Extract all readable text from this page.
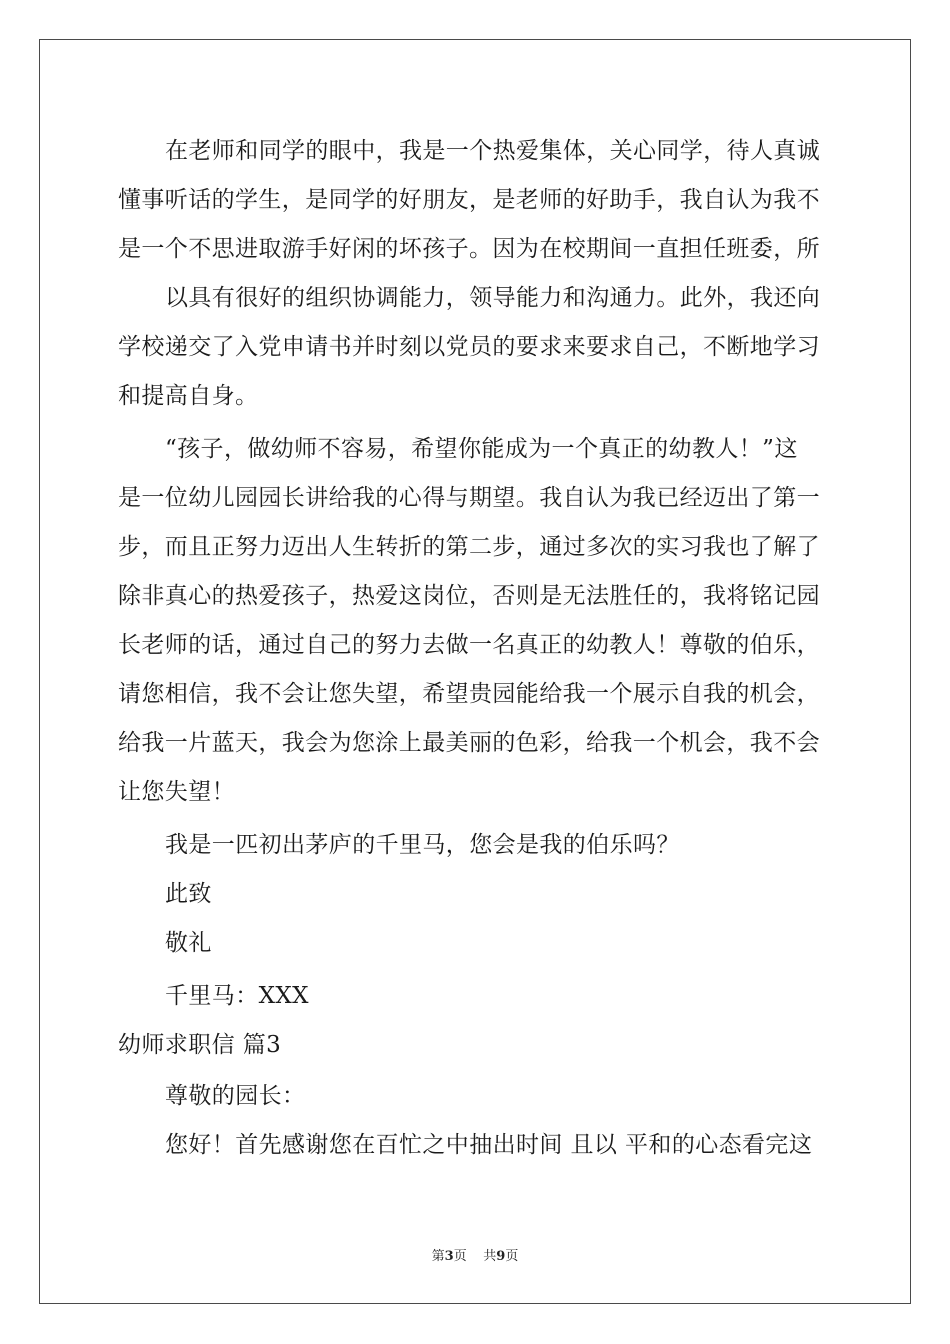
在老师和同学的眼中，我是一个热爱集体，关心同学，待人真诚
懂事听话的学生，是同学的好朋友，是老师的好助手，我自认为我不
是一个不思进取游手好闲的坏孩子。因为在校期间一直担任班委，所
以具有很好的组织协调能力，领导能力和沟通力。此外，我还向
学校递交了入党申请书并时刻以党员的要求来要求自己，不断地学习
和提高自身。
“孩子，做幼师不容易，希望你能成为一个真正的幼教人！”这
是一位幼儿园园长讲给我的心得与期望。我自认为我已经迈出了第一
步，而且正努力迈出人生转折的第二步，通过多次的实习我也了解了
除非真心的热爱孩子，热爱这岗位，否则是无法胜任的，我将铭记园
长老师的话，通过自己的努力去做一名真正的幼教人！尊敬的伯乐，
请您相信，我不会让您失望，希望贵园能给我一个展示自我的机会，
给我一片蓝天，我会为您涂上最美丽的色彩，给我一个机会，我不会
让您失望！
我是一匹初出茅庐的千里马，您会是我的伯乐吗？
此致
敬礼
千里马：XXX
幼师求职信 篇3
尊敬的园长：
您好！首先感谢您在百忙之中抽出时间 且以 平和的心态看完这
第3页 共9页
